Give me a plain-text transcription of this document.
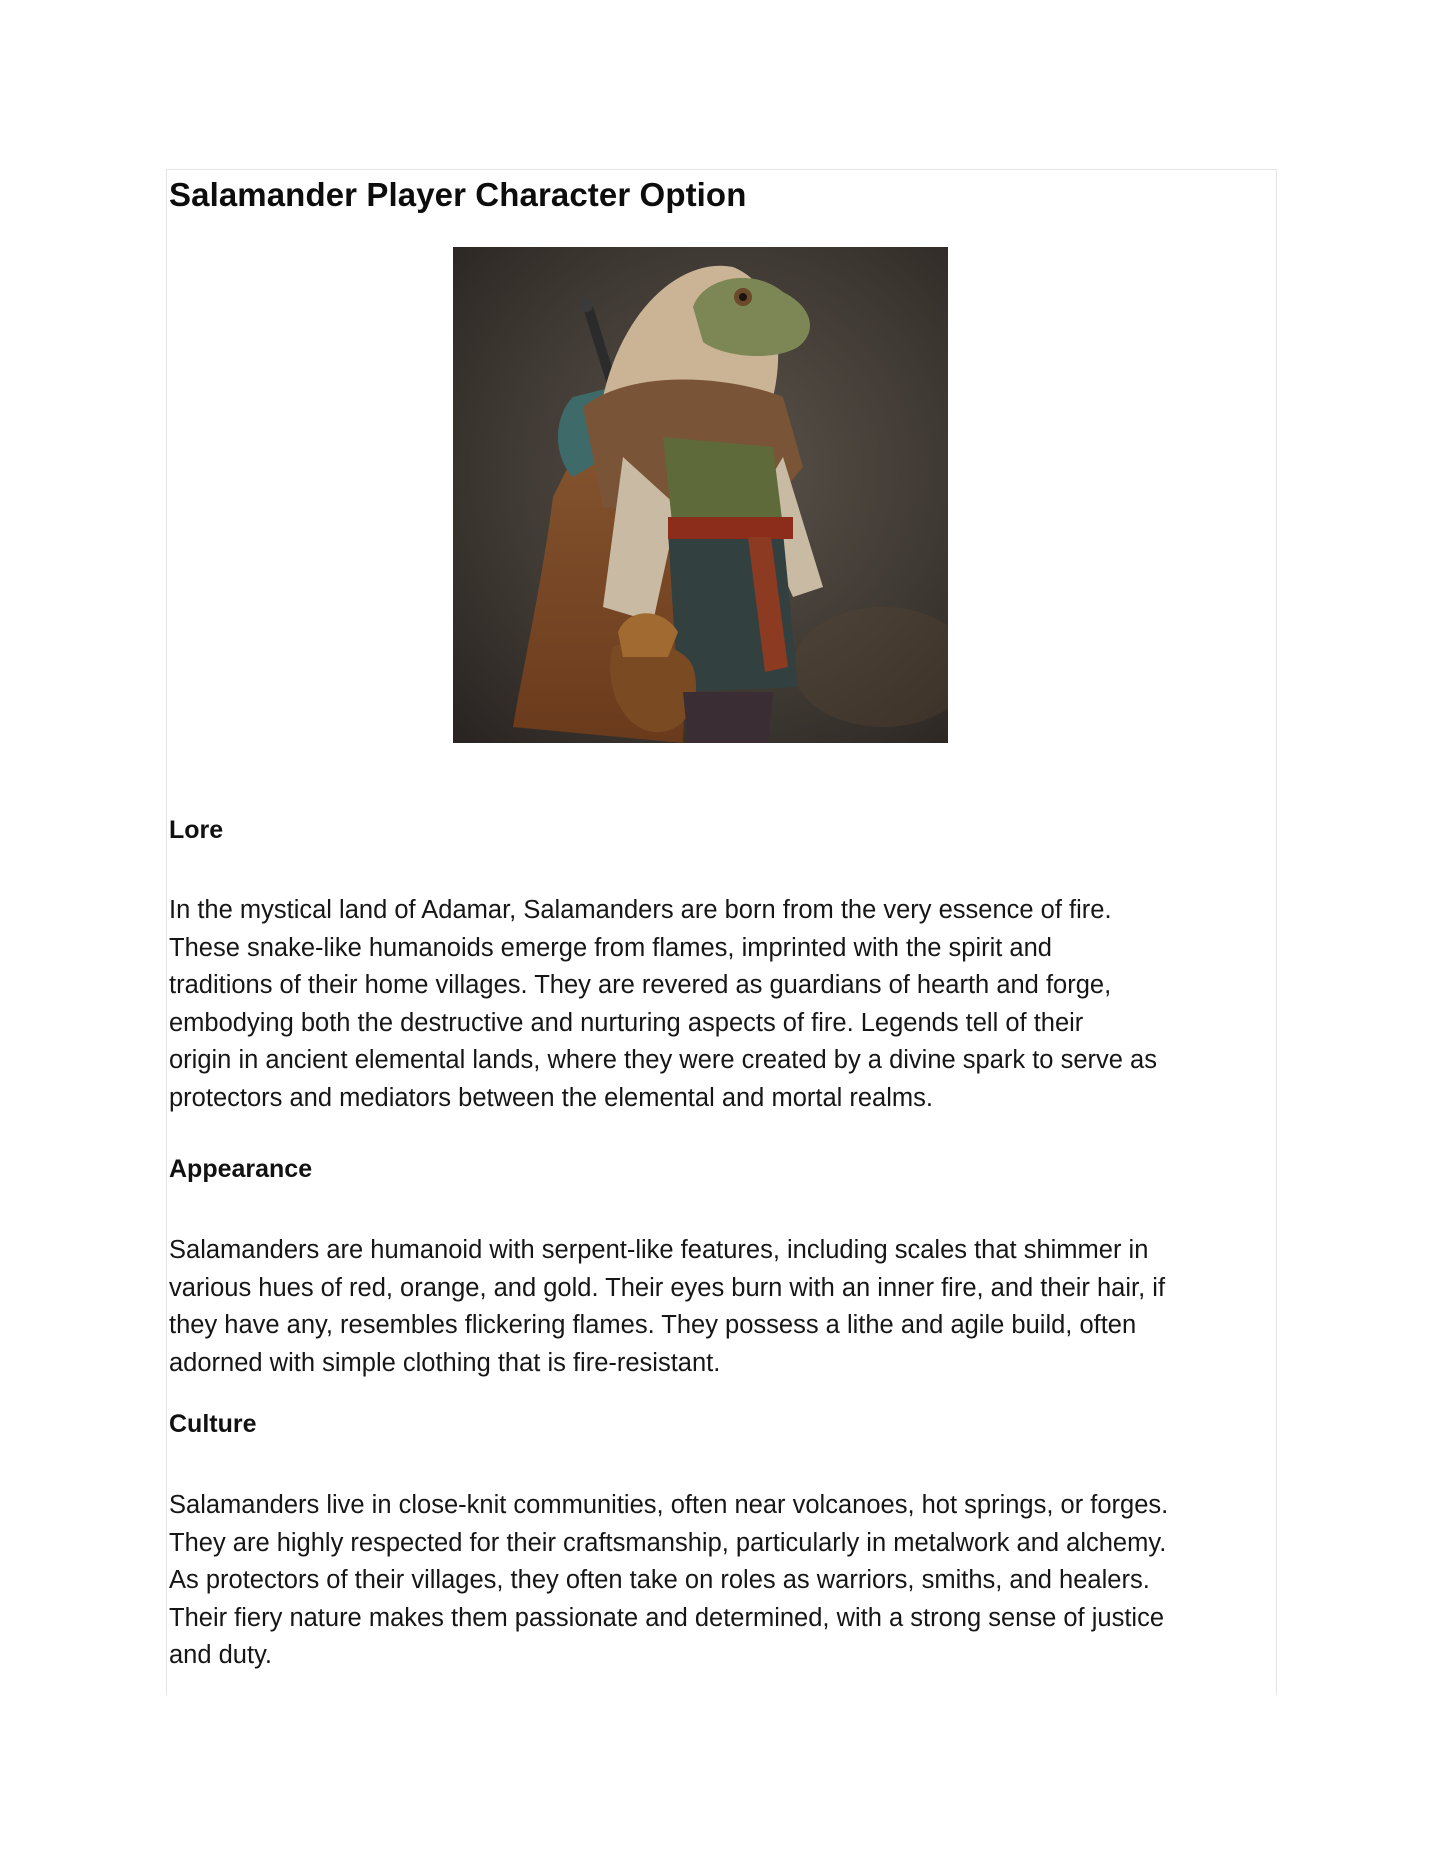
Salamander Player Character Option
Lore
In the mystical land of Adamar, Salamanders are born from the very essence of fire.
These snake-like humanoids emerge from flames, imprinted with the spirit and
traditions of their home villages. They are revered as guardians of hearth and forge,
embodying both the destructive and nurturing aspects of fire. Legends tell of their
origin in ancient elemental lands, where they were created by a divine spark to serve as
protectors and mediators between the elemental and mortal realms.
Appearance
Salamanders are humanoid with serpent-like features, including scales that shimmer in
various hues of red, orange, and gold. Their eyes burn with an inner fire, and their hair, if
they have any, resembles flickering flames. They possess a lithe and agile build, often
adorned with simple clothing that is fire-resistant.
Culture
Salamanders live in close-knit communities, often near volcanoes, hot springs, or forges.
They are highly respected for their craftsmanship, particularly in metalwork and alchemy.
As protectors of their villages, they often take on roles as warriors, smiths, and healers.
Their fiery nature makes them passionate and determined, with a strong sense of justice
and duty.
